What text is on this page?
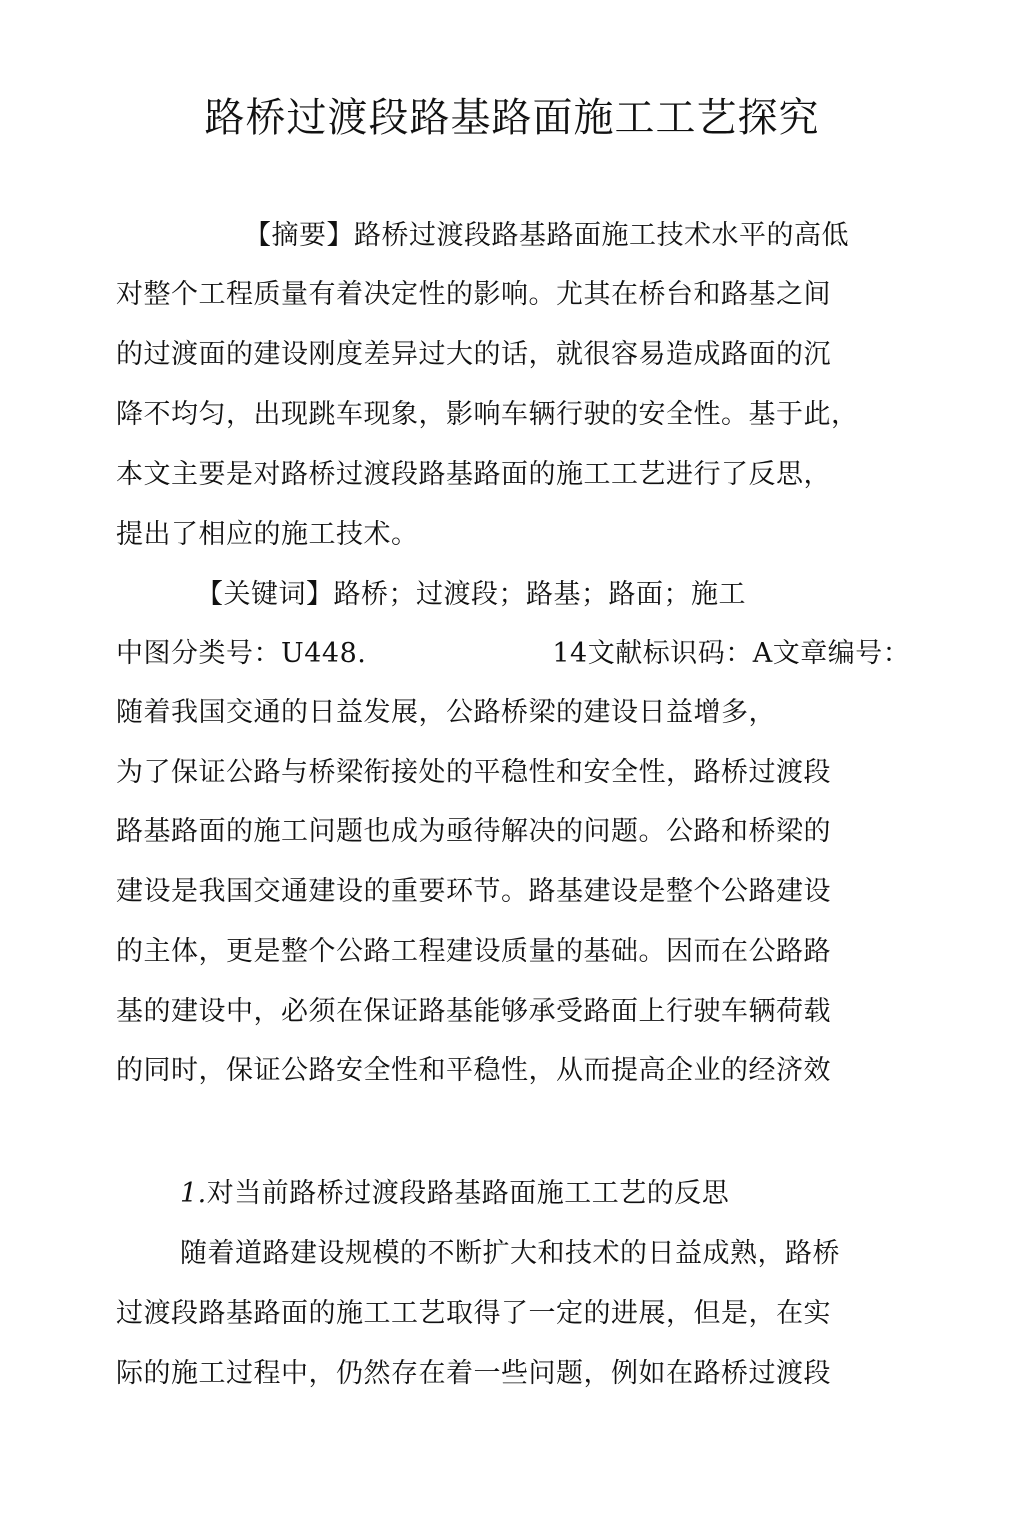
路桥过渡段路基路面施工工艺探究
【摘要】路桥过渡段路基路面施工技术水平的高低
对整个工程质量有着决定性的影响。尤其在桥台和路基之间
的过渡面的建设刚度差异过大的话，就很容易造成路面的沉
降不均匀，出现跳车现象，影响车辆行驶的安全性。基于此，
本文主要是对路桥过渡段路基路面的施工工艺进行了反思，
提出了相应的施工技术。
【关键词】路桥；过渡段；路基；路面；施工
中图分类号：U448.	14文献标识码：A文章编号：
随着我国交通的日益发展，公路桥梁的建设日益增多，
为了保证公路与桥梁衔接处的平稳性和安全性，路桥过渡段
路基路面的施工问题也成为亟待解决的问题。公路和桥梁的
建设是我国交通建设的重要环节。路基建设是整个公路建设
的主体，更是整个公路工程建设质量的基础。因而在公路路
基的建设中，必须在保证路基能够承受路面上行驶车辆荷载
的同时，保证公路安全性和平稳性，从而提高企业的经济效
1.对当前路桥过渡段路基路面施工工艺的反思
随着道路建设规模的不断扩大和技术的日益成熟，路桥
过渡段路基路面的施工工艺取得了一定的进展，但是，在实
际的施工过程中，仍然存在着一些问题，例如在路桥过渡段
